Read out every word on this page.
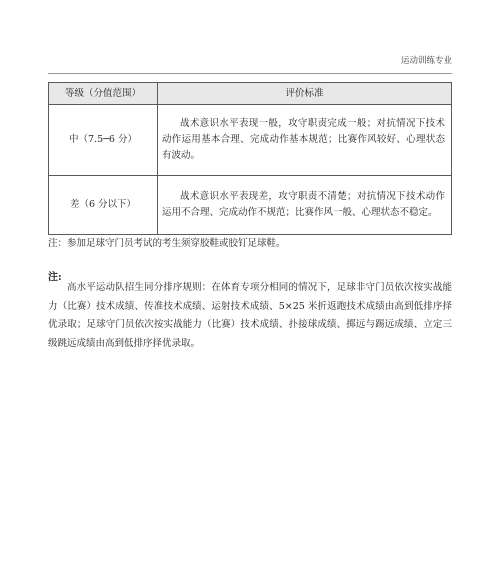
运动训练专业
等级（分值范围）	评价标准
中（7.5─6 分）	战术意识水平表现一般，攻守职责完成一般；对抗情况下技术动作运用基本合理、完成动作基本规范；比赛作风较好、心理状态有波动。
差（6 分以下）	战术意识水平表现差，攻守职责不清楚；对抗情况下技术动作运用不合理、完成动作不规范；比赛作风一般、心理状态不稳定。
注：参加足球守门员考试的考生须穿胶鞋或胶钉足球鞋。
注:
高水平运动队招生同分排序规则：在体育专项分相同的情况下，足球非守门员依次按实战能力（比赛）技术成绩、传准技术成绩、运射技术成绩、5×25 米折返跑技术成绩由高到低排序择优录取；足球守门员依次按实战能力（比赛）技术成绩、扑接球成绩、掷远与踢远成绩、立定三级跳远成绩由高到低排序择优录取。
